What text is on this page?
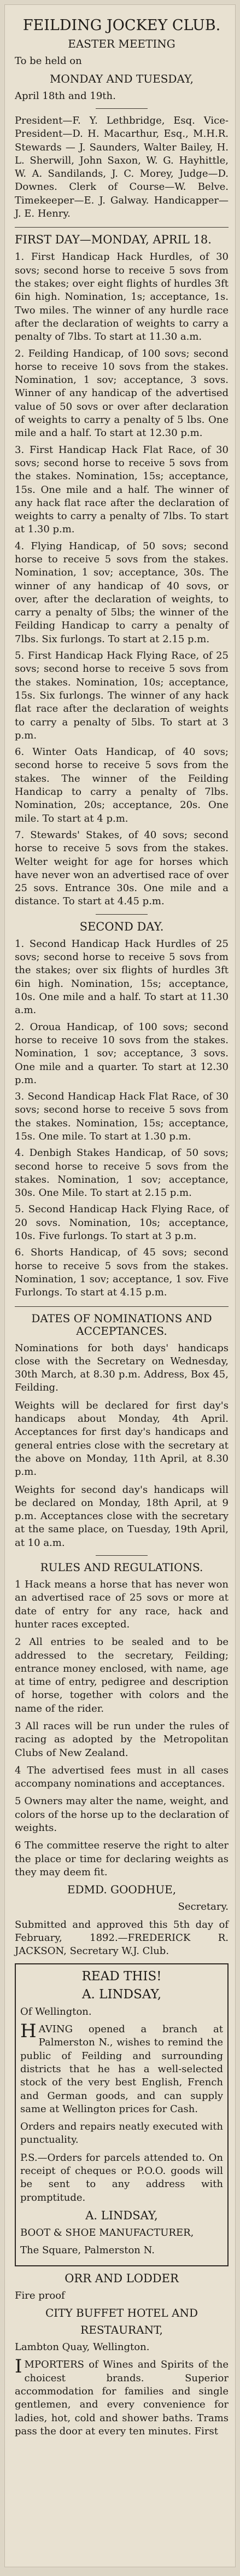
FEILDING JOCKEY CLUB.
EASTER MEETING
To be held on
MONDAY AND TUESDAY,
April 18th and 19th.

President—F. Y. Lethbridge, Esq. Vice-President—D. H. Macarthur, Esq., M.H.R. Stewards — J. Saunders, Walter Bailey, H. L. Sherwill, John Saxon, W. G. Hayhittle, W. A. Sandilands, J. C. Morey, Judge—D. Downes. Clerk of Course—W. Belve. Timekeeper—E. J. Galway. Handicapper—J. E. Henry.

FIRST DAY—MONDAY, APRIL 18.

1. First Handicap Hack Hurdles, of 30 sovs; second horse to receive 5 sovs from the stakes; over eight flights of hurdles 3ft 6in high. Nomination, 1s; acceptance, 1s. Two miles. The winner of any hurdle race after the declaration of weights to carry a penalty of 7lbs. To start at 11.30 a.m.

2. Feilding Handicap, of 100 sovs; second horse to receive 10 sovs from the stakes. Nomination, 1 sov; acceptance, 3 sovs. Winner of any handicap of the advertised value of 50 sovs or over after declaration of weights to carry a penalty of 5 lbs. One mile and a half. To start at 12.30 p.m.

3. First Handicap Hack Flat Race, of 30 sovs; second horse to receive 5 sovs from the stakes. Nomination, 15s; acceptance, 15s. One mile and a half. The winner of any hack flat race after the declaration of weights to carry a penalty of 7lbs. To start at 1.30 p.m.

4. Flying Handicap, of 50 sovs; second horse to receive 5 sovs from the stakes. Nomination, 1 sov; acceptance, 30s. The winner of any handicap of 40 sovs, or over, after the declaration of weights, to carry a penalty of 5lbs; the winner of the Feilding Handicap to carry a penalty of 7lbs. Six furlongs. To start at 2.15 p.m.

5. First Handicap Hack Flying Race, of 25 sovs; second horse to receive 5 sovs from the stakes. Nomination, 10s; acceptance, 15s. Six furlongs. The winner of any hack flat race after the declaration of weights to carry a penalty of 5lbs. To start at 3 p.m.

6. Winter Oats Handicap, of 40 sovs; second horse to receive 5 sovs from the stakes. The winner of the Feilding Handicap to carry a penalty of 7lbs. Nomination, 20s; acceptance, 20s. One mile. To start at 4 p.m.

7. Stewards' Stakes, of 40 sovs; second horse to receive 5 sovs from the stakes. Welter weight for age for horses which have never won an advertised race of over 25 sovs. Entrance 30s. One mile and a distance. To start at 4.45 p.m.

SECOND DAY.

1. Second Handicap Hack Hurdles of 25 sovs; second horse to receive 5 sovs from the stakes; over six flights of hurdles 3ft 6in high. Nomination, 15s; acceptance, 10s. One mile and a half. To start at 11.30 a.m.

2. Oroua Handicap, of 100 sovs; second horse to receive 10 sovs from the stakes. Nomination, 1 sov; acceptance, 3 sovs. One mile and a quarter. To start at 12.30 p.m.

3. Second Handicap Hack Flat Race, of 30 sovs; second horse to receive 5 sovs from the stakes. Nomination, 15s; acceptance, 15s. One mile. To start at 1.30 p.m.

4. Denbigh Stakes Handicap, of 50 sovs; second horse to receive 5 sovs from the stakes. Nomination, 1 sov; acceptance, 30s. One Mile. To start at 2.15 p.m.

5. Second Handicap Hack Flying Race, of 20 sovs. Nomination, 10s; acceptance, 10s. Five furlongs. To start at 3 p.m.

6. Shorts Handicap, of 45 sovs; second horse to receive 5 sovs from the stakes. Nomination, 1 sov; acceptance, 1 sov. Five Furlongs. To start at 4.15 p.m.

DATES OF NOMINATIONS AND ACCEPTANCES.

Nominations for both days' handicaps close with the Secretary on Wednesday, 30th March, at 8.30 p.m. Address, Box 45, Feilding.

Weights will be declared for first day's handicaps about Monday, 4th April. Acceptances for first day's handicaps and general entries close with the secretary at the above on Monday, 11th April, at 8.30 p.m.

Weights for second day's handicaps will be declared on Monday, 18th April, at 9 p.m. Acceptances close with the secretary at the same place, on Tuesday, 19th April, at 10 a.m.

RULES AND REGULATIONS.

1 Hack means a horse that has never won an advertised race of 25 sovs or more at date of entry for any race, hack and hunter races excepted.

2 All entries to be sealed and to be addressed to the secretary, Feilding; entrance money enclosed, with name, age at time of entry, pedigree and description of horse, together with colors and the name of the rider.

3 All races will be run under the rules of racing as adopted by the Metropolitan Clubs of New Zealand.

4 The advertised fees must in all cases accompany nominations and acceptances.

5 Owners may alter the name, weight, and colors of the horse up to the declaration of weights.

6 The committee reserve the right to alter the place or time for declaring weights as they may deem fit.

EDMD. GOODHUE,
Secretary.

Submitted and approved this 5th day of February, 1892.—FREDERICK R. JACKSON, Secretary W.J. Club.

READ THIS!
A. LINDSAY,
Of Wellington.

HAVING opened a branch at Palmerston N., wishes to remind the public of Feilding and surrounding districts that he has a well-selected stock of the very best English, French and German goods, and can supply same at Wellington prices for Cash.

Orders and repairs neatly executed with punctuality.

P.S.—Orders for parcels attended to. On receipt of cheques or P.O.O. goods will be sent to any address with promptitude.

A. LINDSAY,
BOOT & SHOE MANUFACTURER,
The Square, Palmerston N.
ORR AND LODDER
Fire proof
CITY BUFFET HOTEL AND
RESTAURANT,
Lambton Quay, Wellington.

IMPORTERS of Wines and Spirits of the choicest brands. Superior accommodation for families and single gentlemen, and every convenience for ladies, hot, cold and shower baths. Trams pass the door at every ten minutes. First
